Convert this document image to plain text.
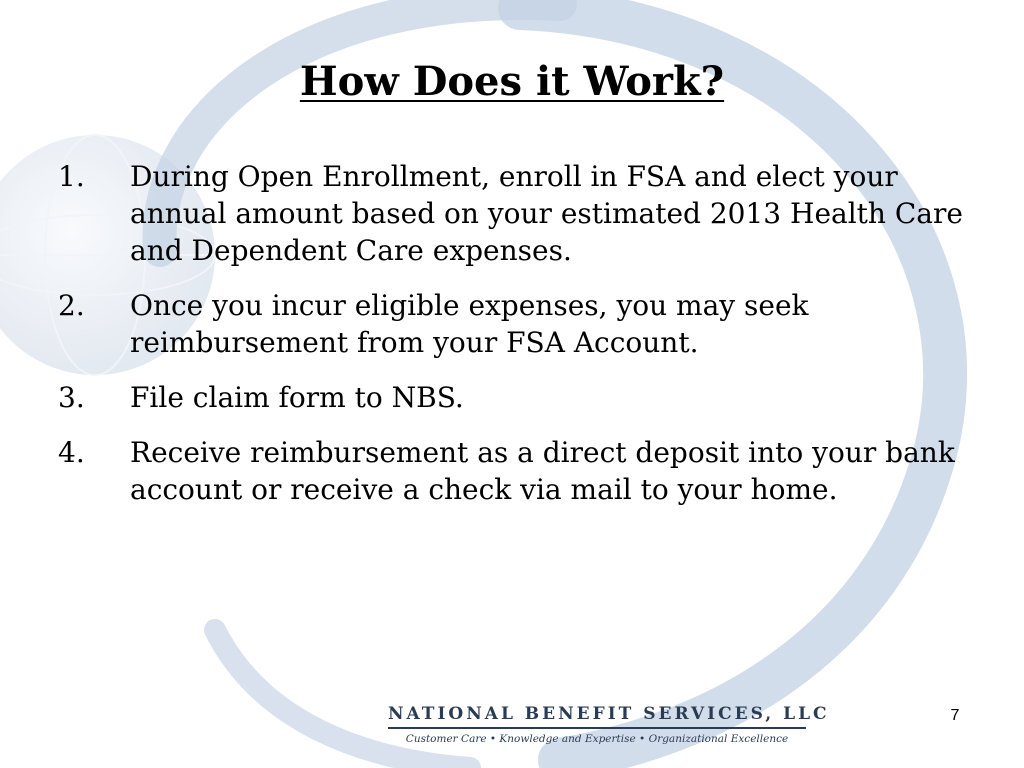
How Does it Work?
1.	During Open Enrollment, enroll in FSA and elect your annual amount based on your estimated 2013 Health Care and Dependent Care expenses.
2.	Once you incur eligible expenses, you may seek reimbursement from your FSA Account.
3.	File claim form to NBS.
4.	Receive reimbursement as a direct deposit into your bank account or receive a check via mail to your home.
NATIONAL BENEFIT SERVICES, LLC
Customer Care • Knowledge and Expertise • Organizational Excellence
7
